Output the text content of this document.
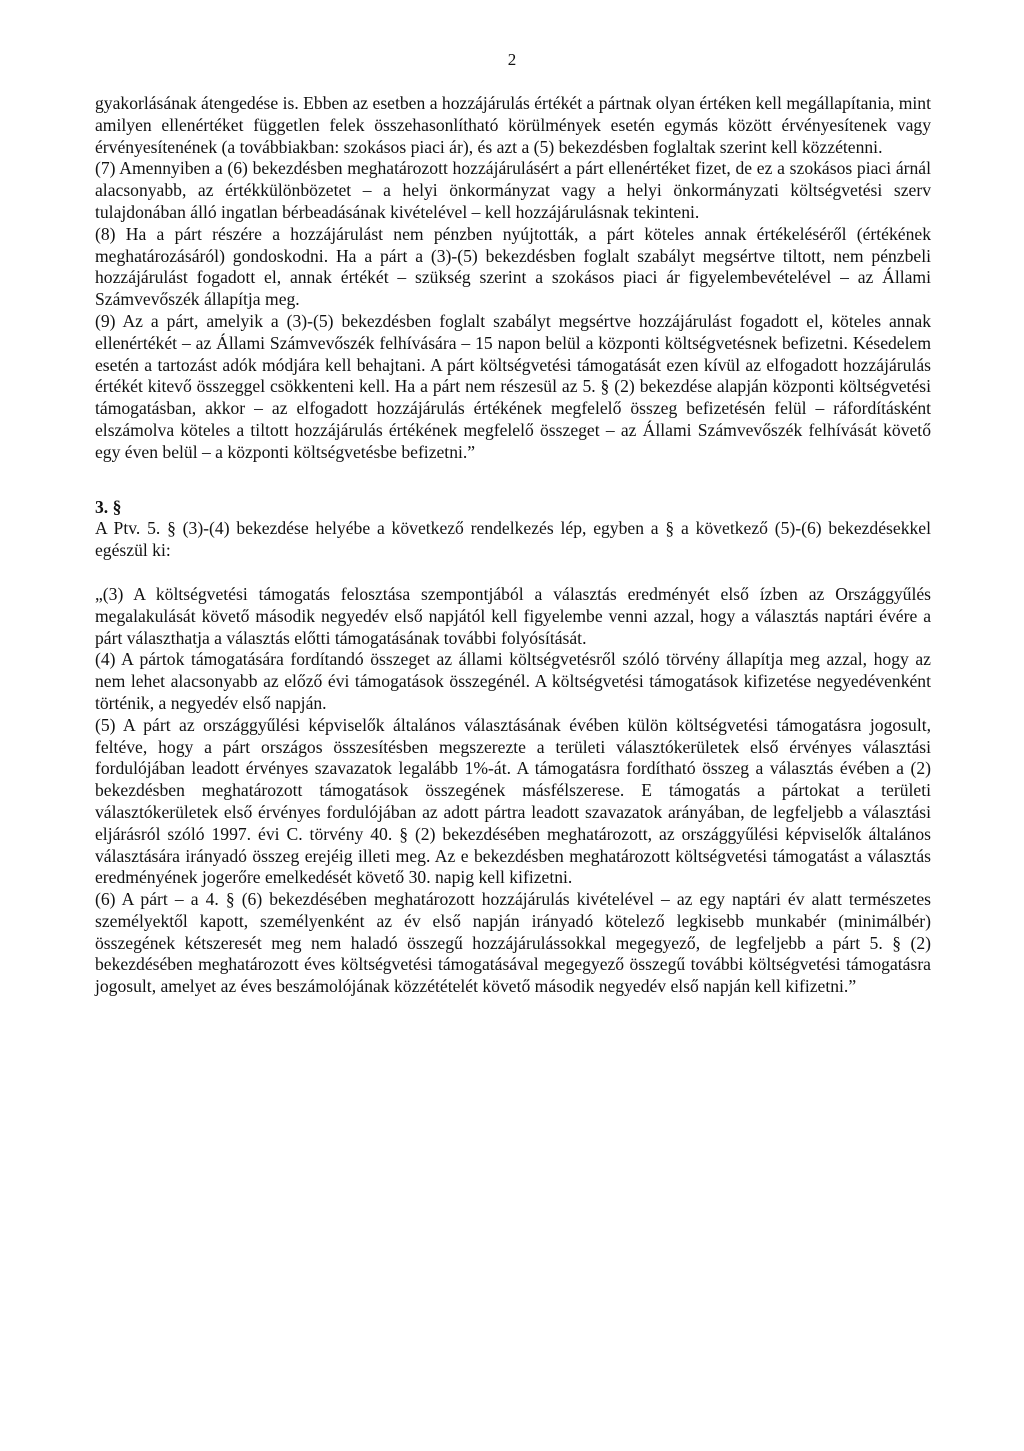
2

gyakorlásának átengedése is. Ebben az esetben a hozzájárulás értékét a pártnak olyan értéken kell megállapítania, mint amilyen ellenértéket független felek összehasonlítható körülmények esetén egymás között érvényesítenek vagy érvényesítenének (a továbbiakban: szokásos piaci ár), és azt a (5) bekezdésben foglaltak szerint kell közzétenni.

(7) Amennyiben a (6) bekezdésben meghatározott hozzájárulásért a párt ellenértéket fizet, de ez a szokásos piaci árnál alacsonyabb, az értékkülönbözetet – a helyi önkormányzat vagy a helyi önkormányzati költségvetési szerv tulajdonában álló ingatlan bérbeadásának kivételével – kell hozzájárulásnak tekinteni.

(8) Ha a párt részére a hozzájárulást nem pénzben nyújtották, a párt köteles annak értékeléséről (értékének meghatározásáról) gondoskodni. Ha a párt a (3)-(5) bekezdésben foglalt szabályt megsértve tiltott, nem pénzbeli hozzájárulást fogadott el, annak értékét – szükség szerint a szokásos piaci ár figyelembevételével – az Állami Számvevőszék állapítja meg.

(9) Az a párt, amelyik a (3)-(5) bekezdésben foglalt szabályt megsértve hozzájárulást fogadott el, köteles annak ellenértékét – az Állami Számvevőszék felhívására – 15 napon belül a központi költségvetésnek befizetni. Késedelem esetén a tartozást adók módjára kell behajtani. A párt költségvetési támogatását ezen kívül az elfogadott hozzájárulás értékét kitevő összeggel csökkenteni kell. Ha a párt nem részesül az 5. § (2) bekezdése alapján központi költségvetési támogatásban, akkor – az elfogadott hozzájárulás értékének megfelelő összeg befizetésén felül – ráfordításként elszámolva köteles a tiltott hozzájárulás értékének megfelelő összeget – az Állami Számvevőszék felhívását követő egy éven belül – a központi költségvetésbe befizetni.”

3. §

A Ptv. 5. § (3)-(4) bekezdése helyébe a következő rendelkezés lép, egyben a § a következő (5)-(6) bekezdésekkel egészül ki:

„(3) A költségvetési támogatás felosztása szempontjából a választás eredményét első ízben az Országgyűlés megalakulását követő második negyedév első napjától kell figyelembe venni azzal, hogy a választás naptári évére a párt választhatja a választás előtti támogatásának további folyósítását.

(4) A pártok támogatására fordítandó összeget az állami költségvetésről szóló törvény állapítja meg azzal, hogy az nem lehet alacsonyabb az előző évi támogatások összegénél. A költségvetési támogatások kifizetése negyedévenként történik, a negyedév első napján.

(5) A párt az országgyűlési képviselők általános választásának évében külön költségvetési támogatásra jogosult, feltéve, hogy a párt országos összesítésben megszerezte a területi választókerületek első érvényes választási fordulójában leadott érvényes szavazatok legalább 1%-át. A támogatásra fordítható összeg a választás évében a (2) bekezdésben meghatározott támogatások összegének másfélszerese. E támogatás a pártokat a területi választókerületek első érvényes fordulójában az adott pártra leadott szavazatok arányában, de legfeljebb a választási eljárásról szóló 1997. évi C. törvény 40. § (2) bekezdésében meghatározott, az országgyűlési képviselők általános választására irányadó összeg erejéig illeti meg. Az e bekezdésben meghatározott költségvetési támogatást a választás eredményének jogerőre emelkedését követő 30. napig kell kifizetni.

(6) A párt – a 4. § (6) bekezdésében meghatározott hozzájárulás kivételével – az egy naptári év alatt természetes személyektől kapott, személyenként az év első napján irányadó kötelező legkisebb munkabér (minimálbér) összegének kétszeresét meg nem haladó összegű hozzájárulássokkal megegyező, de legfeljebb a párt 5. § (2) bekezdésében meghatározott éves költségvetési támogatásával megegyező összegű további költségvetési támogatásra jogosult, amelyet az éves beszámolójának közzétételét követő második negyedév első napján kell kifizetni.”
